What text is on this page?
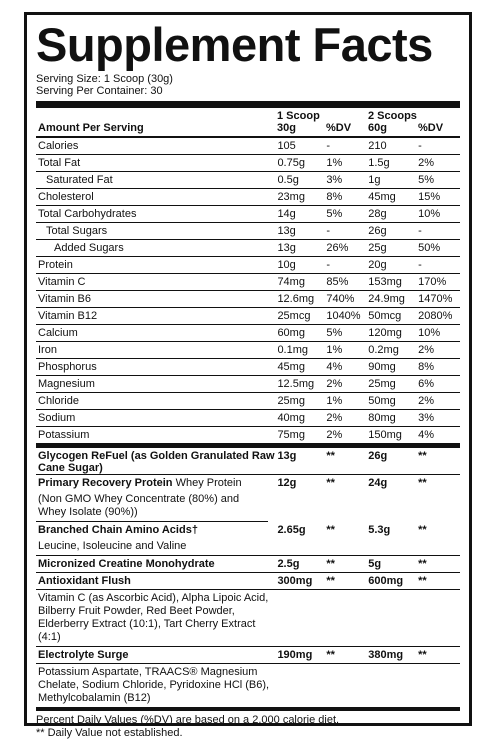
Supplement Facts
Serving Size: 1 Scoop (30g)
Serving Per Container: 30
Amount Per Serving
1 Scoop
30g	%DV
2 Scoops
60g	%DV
Calories	105	-	210	-
Total Fat	0.75g	1%	1.5g	2%
Saturated Fat	0.5g	3%	1g	5%
Cholesterol	23mg	8%	45mg	15%
Total Carbohydrates	14g	5%	28g	10%
Total Sugars	13g	-	26g	-
Added Sugars	13g	26%	25g	50%
Protein	10g	-	20g	-
Vitamin C	74mg	85%	153mg	170%
Vitamin B6	12.6mg	740%	24.9mg	1470%
Vitamin B12	25mcg	1040% 50mcg	2080%
Calcium	60mg	5%	120mg	10%
Iron	0.1mg	1%	0.2mg	2%
Phosphorus	45mg	4%	90mg	8%
Magnesium	12.5mg	2%	25mg	6%
Chloride	25mg	1%	50mg	2%
Sodium	40mg	2%	80mg	3%
Potassium	75mg	2%	150mg	4%
Glycogen ReFuel (as Golden Granulated Raw Cane Sugar)
13g	**	26g	**
Primary Recovery Protein Whey Protein	12g	**	24g	**
(Non GMO Whey Concentrate (80%) and Whey Isolate (90%))
Branched Chain Amino Acids†	2.65g	**	5.3g	**
Leucine, Isoleucine and Valine
Micronized Creatine Monohydrate	2.5g	**	5g	**
Antioxidant Flush	300mg	**	600mg	**
Vitamin C (as Ascorbic Acid), Alpha Lipoic Acid, Bilberry Fruit Powder, Red Beet Powder, Elderberry Extract (10:1), Tart Cherry Extract (4:1)
Electrolyte Surge	190mg	**	380mg	**
Potassium Aspartate, TRAACS® Magnesium Chelate, Sodium Chloride, Pyridoxine HCl (B6), Methylcobalamin (B12)
Percent Daily Values (%DV) are based on a 2,000 calorie diet.
** Daily Value not established.
